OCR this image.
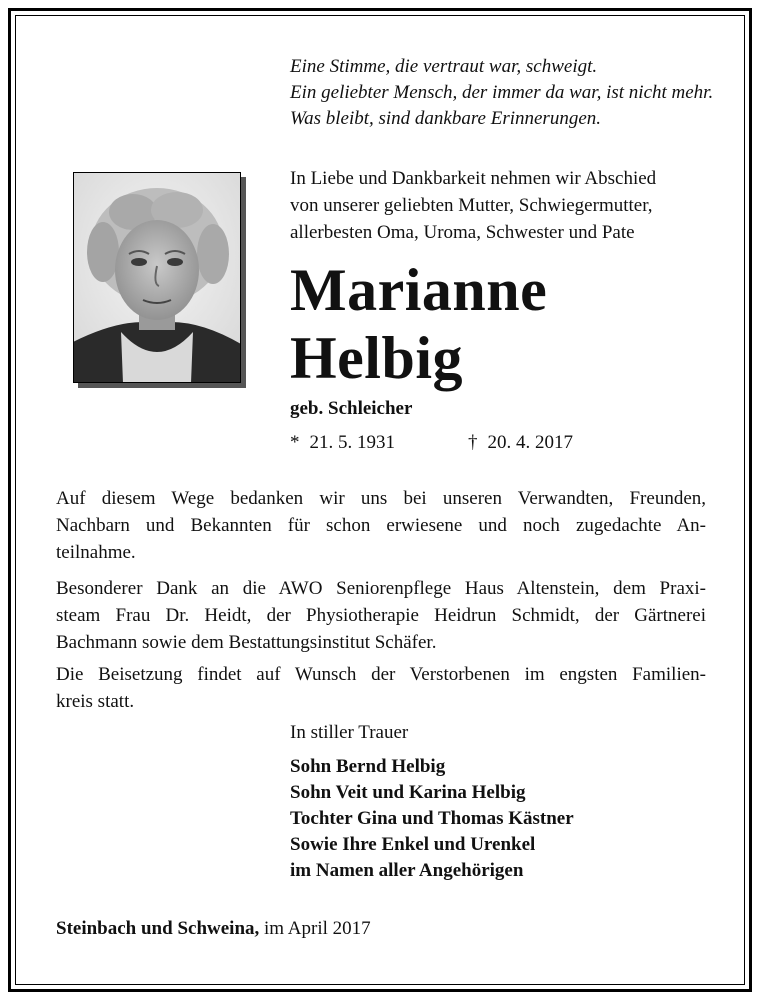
Eine Stimme, die vertraut war, schweigt.
Ein geliebter Mensch, der immer da war, ist nicht mehr.
Was bleibt, sind dankbare Erinnerungen.
In Liebe und Dankbarkeit nehmen wir Abschied
von unserer geliebten Mutter, Schwiegermutter,
allerbesten Oma, Uroma, Schwester und Pate
Marianne
Helbig
geb. Schleicher
* 21. 5. 1931	† 20. 4. 2017
Auf diesem Wege bedanken wir uns bei unseren Verwandten, Freunden,
Nachbarn und Bekannten für schon erwiesene und noch zugedachte An-
teilnahme.
Besonderer Dank an die AWO Seniorenpflege Haus Altenstein, dem Praxi-
steam Frau Dr. Heidt, der Physiotherapie Heidrun Schmidt, der Gärtnerei
Bachmann sowie dem Bestattungsinstitut Schäfer.
Die Beisetzung findet auf Wunsch der Verstorbenen im engsten Familien-
kreis statt.
In stiller Trauer
Sohn Bernd Helbig
Sohn Veit und Karina Helbig
Tochter Gina und Thomas Kästner
Sowie Ihre Enkel und Urenkel
im Namen aller Angehörigen
Steinbach und Schweina, im April 2017
